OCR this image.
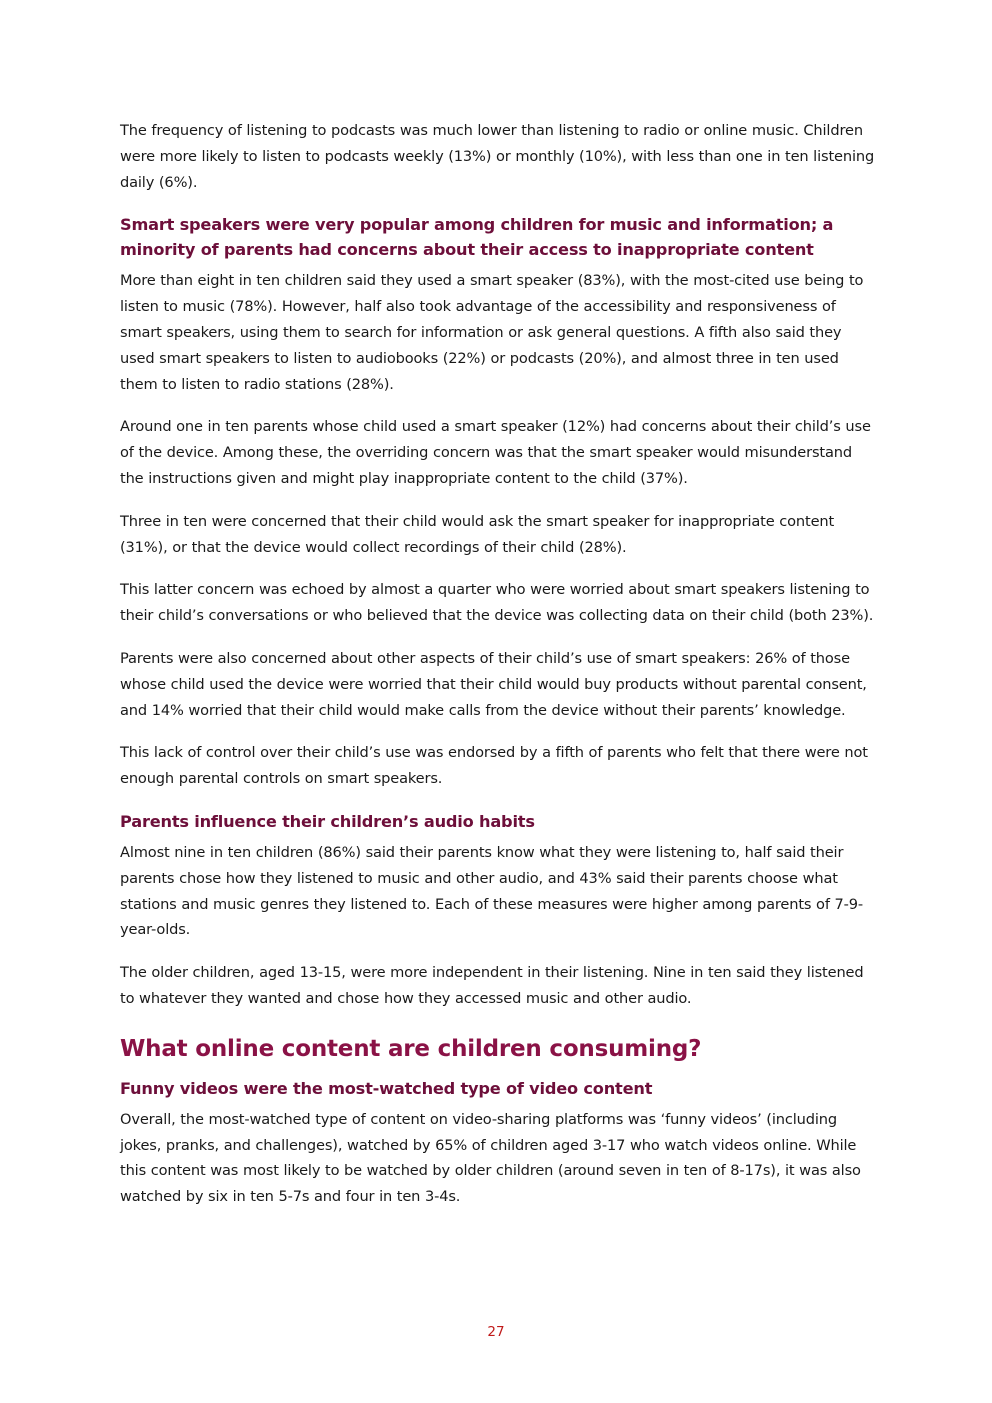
The frequency of listening to podcasts was much lower than listening to radio or online music. Children were more likely to listen to podcasts weekly (13%) or monthly (10%), with less than one in ten listening daily (6%).

Smart speakers were very popular among children for music and information; a minority of parents had concerns about their access to inappropriate content

More than eight in ten children said they used a smart speaker (83%), with the most-cited use being to listen to music (78%). However, half also took advantage of the accessibility and responsiveness of smart speakers, using them to search for information or ask general questions. A fifth also said they used smart speakers to listen to audiobooks (22%) or podcasts (20%), and almost three in ten used them to listen to radio stations (28%).

Around one in ten parents whose child used a smart speaker (12%) had concerns about their child’s use of the device. Among these, the overriding concern was that the smart speaker would misunderstand the instructions given and might play inappropriate content to the child (37%).

Three in ten were concerned that their child would ask the smart speaker for inappropriate content (31%), or that the device would collect recordings of their child (28%).

This latter concern was echoed by almost a quarter who were worried about smart speakers listening to their child’s conversations or who believed that the device was collecting data on their child (both 23%).

Parents were also concerned about other aspects of their child’s use of smart speakers: 26% of those whose child used the device were worried that their child would buy products without parental consent, and 14% worried that their child would make calls from the device without their parents’ knowledge.

This lack of control over their child’s use was endorsed by a fifth of parents who felt that there were not enough parental controls on smart speakers.

Parents influence their children’s audio habits

Almost nine in ten children (86%) said their parents know what they were listening to, half said their parents chose how they listened to music and other audio, and 43% said their parents choose what stations and music genres they listened to. Each of these measures were higher among parents of 7-9-year-olds.

The older children, aged 13-15, were more independent in their listening. Nine in ten said they listened to whatever they wanted and chose how they accessed music and other audio.

What online content are children consuming?
Funny videos were the most-watched type of video content

Overall, the most-watched type of content on video-sharing platforms was ‘funny videos’ (including jokes, pranks, and challenges), watched by 65% of children aged 3-17 who watch videos online. While this content was most likely to be watched by older children (around seven in ten of 8-17s), it was also watched by six in ten 5-7s and four in ten 3-4s.

27
